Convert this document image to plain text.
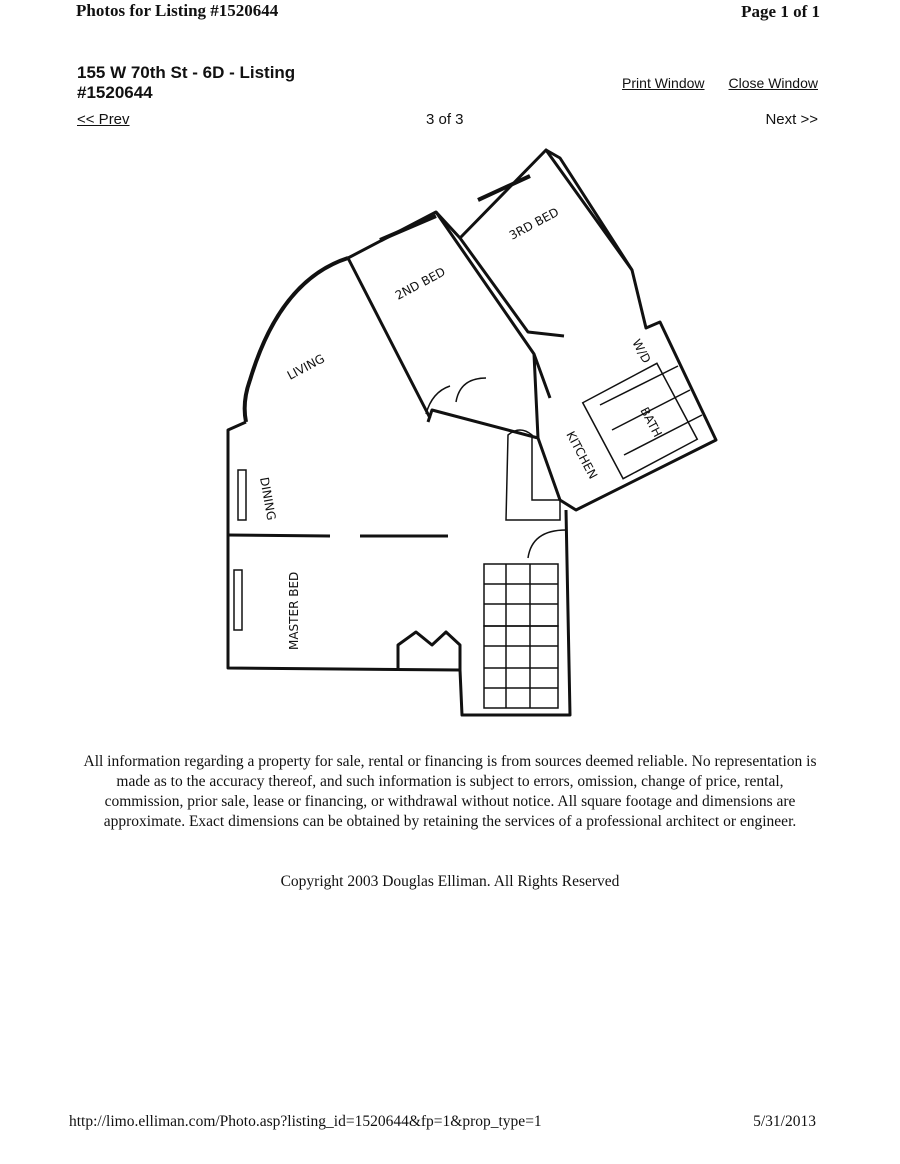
Photos for Listing #1520644	Page 1 of 1
155 W 70th St - 6D - Listing
#1520644	Print Window Close Window
<< Prev	3 of 3	Next >>
LIVING
2ND BED
3RD BED
DINING
KITCHEN
BATH
W/D
MASTER BED
All information regarding a property for sale, rental or financing is from sources deemed reliable. No representation is made as to the accuracy thereof, and such information is subject to errors, omission, change of price, rental, commission, prior sale, lease or financing, or withdrawal without notice. All square footage and dimensions are approximate. Exact dimensions can be obtained by retaining the services of a professional architect or engineer.
Copyright 2003 Douglas Elliman. All Rights Reserved
http://limo.elliman.com/Photo.asp?listing_id=1520644&fp=1&prop_type=1	5/31/2013
